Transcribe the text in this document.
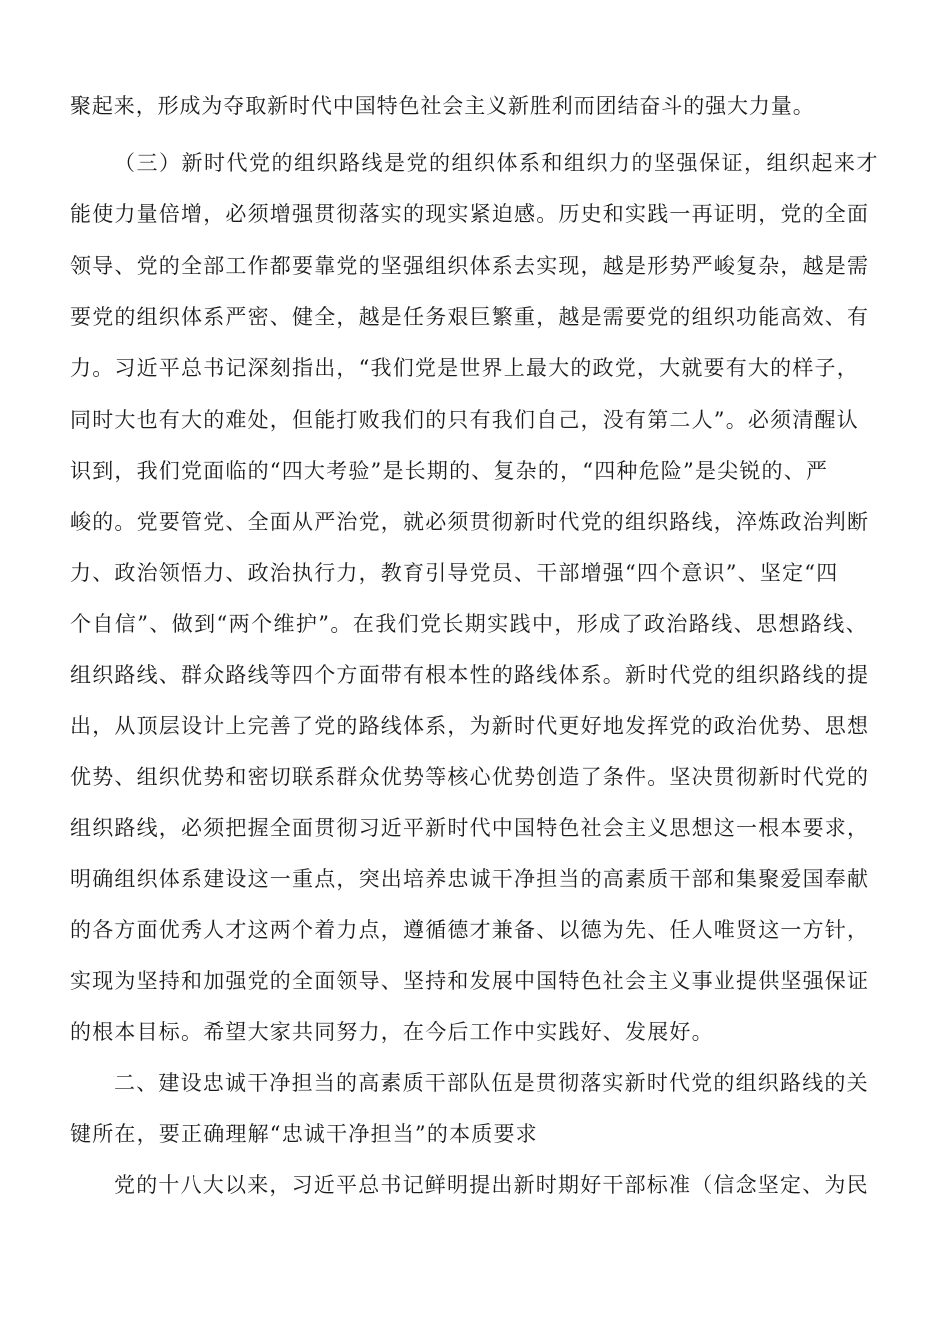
聚起来，形成为夺取新时代中国特色社会主义新胜利而团结奋斗的强大力量。
（三）新时代党的组织路线是党的组织体系和组织力的坚强保证，组织起来才
能使力量倍增，必须增强贯彻落实的现实紧迫感。历史和实践一再证明，党的全面
领导、党的全部工作都要靠党的坚强组织体系去实现，越是形势严峻复杂，越是需
要党的组织体系严密、健全，越是任务艰巨繁重，越是需要党的组织功能高效、有
力。习近平总书记深刻指出，“我们党是世界上最大的政党，大就要有大的样子，
同时大也有大的难处，但能打败我们的只有我们自己，没有第二人”。必须清醒认
识到，我们党面临的“四大考验”是长期的、复杂的，“四种危险”是尖锐的、严
峻的。党要管党、全面从严治党，就必须贯彻新时代党的组织路线，淬炼政治判断
力、政治领悟力、政治执行力，教育引导党员、干部增强“四个意识”、坚定“四
个自信”、做到“两个维护”。在我们党长期实践中，形成了政治路线、思想路线、
组织路线、群众路线等四个方面带有根本性的路线体系。新时代党的组织路线的提
出，从顶层设计上完善了党的路线体系，为新时代更好地发挥党的政治优势、思想
优势、组织优势和密切联系群众优势等核心优势创造了条件。坚决贯彻新时代党的
组织路线，必须把握全面贯彻习近平新时代中国特色社会主义思想这一根本要求，
明确组织体系建设这一重点，突出培养忠诚干净担当的高素质干部和集聚爱国奉献
的各方面优秀人才这两个着力点，遵循德才兼备、以德为先、任人唯贤这一方针，
实现为坚持和加强党的全面领导、坚持和发展中国特色社会主义事业提供坚强保证
的根本目标。希望大家共同努力，在今后工作中实践好、发展好。
二、建设忠诚干净担当的高素质干部队伍是贯彻落实新时代党的组织路线的关
键所在，要正确理解“忠诚干净担当”的本质要求
党的十八大以来，习近平总书记鲜明提出新时期好干部标准（信念坚定、为民
